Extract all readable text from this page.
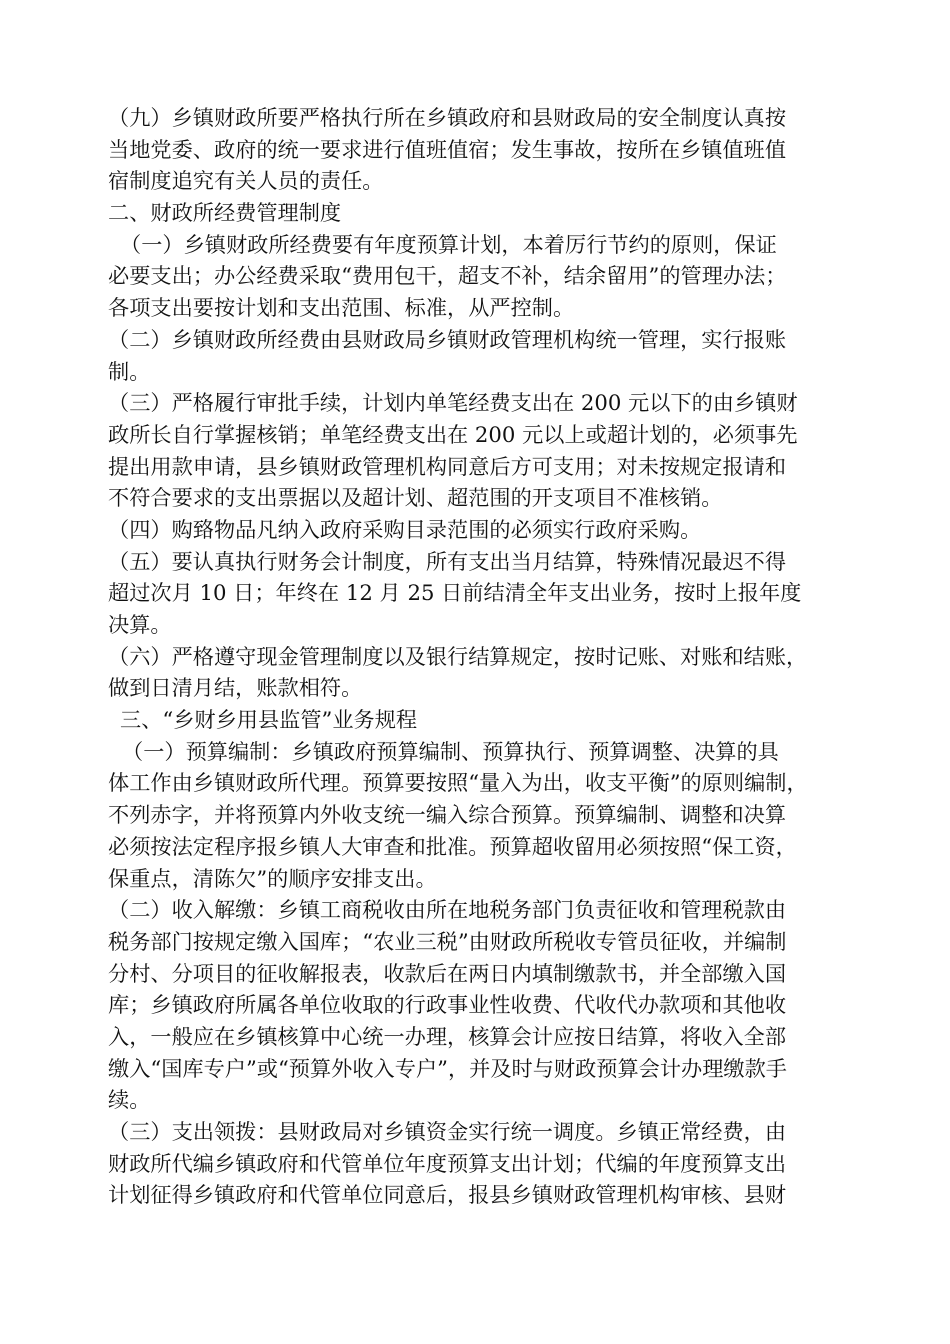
（九）乡镇财政所要严格执行所在乡镇政府和县财政局的安全制度认真按
当地党委、政府的统一要求进行值班值宿；发生事故，按所在乡镇值班值
宿制度追究有关人员的责任。
二、财政所经费管理制度
（一）乡镇财政所经费要有年度预算计划，本着厉行节约的原则，保证
必要支出；办公经费采取“费用包干，超支不补，结余留用”的管理办法；
各项支出要按计划和支出范围、标准，从严控制。
（二）乡镇财政所经费由县财政局乡镇财政管理机构统一管理，实行报账
制。
（三）严格履行审批手续，计划内单笔经费支出在 200 元以下的由乡镇财
政所长自行掌握核销；单笔经费支出在 200 元以上或超计划的，必须事先
提出用款申请，县乡镇财政管理机构同意后方可支用；对未按规定报请和
不符合要求的支出票据以及超计划、超范围的开支项目不准核销。
（四）购臵物品凡纳入政府采购目录范围的必须实行政府采购。
（五）要认真执行财务会计制度，所有支出当月结算，特殊情况最迟不得
超过次月 10 日；年终在 12 月 25 日前结清全年支出业务，按时上报年度
决算。
（六）严格遵守现金管理制度以及银行结算规定，按时记账、对账和结账，
做到日清月结，账款相符。
三、“乡财乡用县监管”业务规程
（一）预算编制：乡镇政府预算编制、预算执行、预算调整、决算的具
体工作由乡镇财政所代理。预算要按照“量入为出，收支平衡”的原则编制，
不列赤字，并将预算内外收支统一编入综合预算。预算编制、调整和决算
必须按法定程序报乡镇人大审查和批准。预算超收留用必须按照“保工资，
保重点，清陈欠”的顺序安排支出。
（二）收入解缴：乡镇工商税收由所在地税务部门负责征收和管理税款由
税务部门按规定缴入国库；“农业三税”由财政所税收专管员征收，并编制
分村、分项目的征收解报表，收款后在两日内填制缴款书，并全部缴入国
库；乡镇政府所属各单位收取的行政事业性收费、代收代办款项和其他收
入，一般应在乡镇核算中心统一办理，核算会计应按日结算，将收入全部
缴入“国库专户”或“预算外收入专户”，并及时与财政预算会计办理缴款手
续。
（三）支出领拨：县财政局对乡镇资金实行统一调度。乡镇正常经费，由
财政所代编乡镇政府和代管单位年度预算支出计划；代编的年度预算支出
计划征得乡镇政府和代管单位同意后，报县乡镇财政管理机构审核、县财
